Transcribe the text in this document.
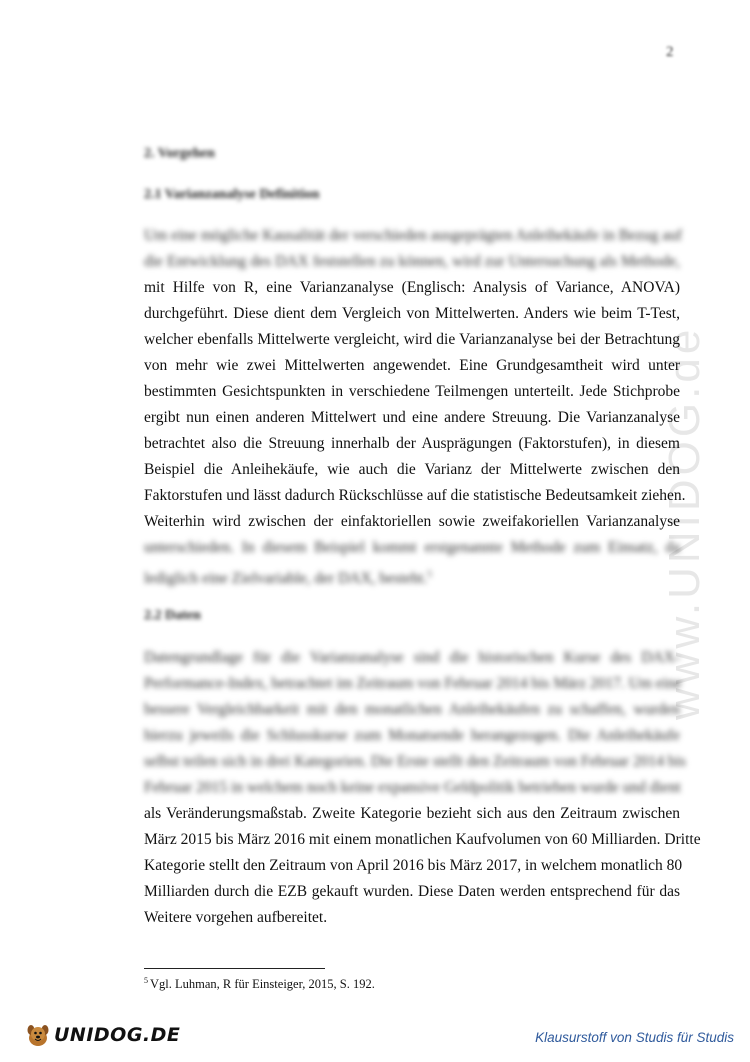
2
www.UNIDOG.de
2. Vorgehen
2.1 Varianzanalyse Definition
Um eine mögliche Kausalität der verschieden ausgeprägten Anleihekäufe in Bezug auf
die Entwicklung des DAX feststellen zu können, wird zur Untersuchung als Methode,
mit Hilfe von R, eine Varianzanalyse (Englisch: Analysis of Variance, ANOVA)
durchgeführt. Diese dient dem Vergleich von Mittelwerten. Anders wie beim T-Test,
welcher ebenfalls Mittelwerte vergleicht, wird die Varianzanalyse bei der Betrachtung
von mehr wie zwei Mittelwerten angewendet. Eine Grundgesamtheit wird unter
bestimmten Gesichtspunkten in verschiedene Teilmengen unterteilt. Jede Stichprobe
ergibt nun einen anderen Mittelwert und eine andere Streuung. Die Varianzanalyse
betrachtet also die Streuung innerhalb der Ausprägungen (Faktorstufen), in diesem
Beispiel die Anleihekäufe, wie auch die Varianz der Mittelwerte zwischen den
Faktorstufen und lässt dadurch Rückschlüsse auf die statistische Bedeutsamkeit ziehen.
Weiterhin wird zwischen der einfaktoriellen sowie zweifakoriellen Varianzanalyse
unterschieden. In diesem Beispiel kommt erstgenannte Methode zum Einsatz, da
lediglich eine Zielvariable, der DAX, besteht.$^5$
2.2 Daten
Datengrundlage für die Varianzanalyse sind die historischen Kurse des DAX-
Performance-Index, betrachtet im Zeitraum von Februar 2014 bis März 2017. Um eine
bessere Vergleichbarkeit mit den monatlichen Anleihekäufen zu schaffen, wurden
hierzu jeweils die Schlusskurse zum Monatsende herangezogen. Die Anleihekäufe
selbst teilen sich in drei Kategorien. Die Erste stellt den Zeitraum von Februar 2014 bis
Februar 2015 in welchem noch keine expansive Geldpolitik betrieben wurde und dient
als Veränderungsmaßstab. Zweite Kategorie bezieht sich aus den Zeitraum zwischen
März 2015 bis März 2016 mit einem monatlichen Kaufvolumen von 60 Milliarden. Dritte
Kategorie stellt den Zeitraum von April 2016 bis März 2017, in welchem monatlich 80
Milliarden durch die EZB gekauft wurden. Diese Daten werden entsprechend für das
Weitere vorgehen aufbereitet.
$^5$ Vgl. Luhman, R für Einsteiger, 2015, S. 192.
UNIDOG.DE	Klausurstoff von Studis für Studis
